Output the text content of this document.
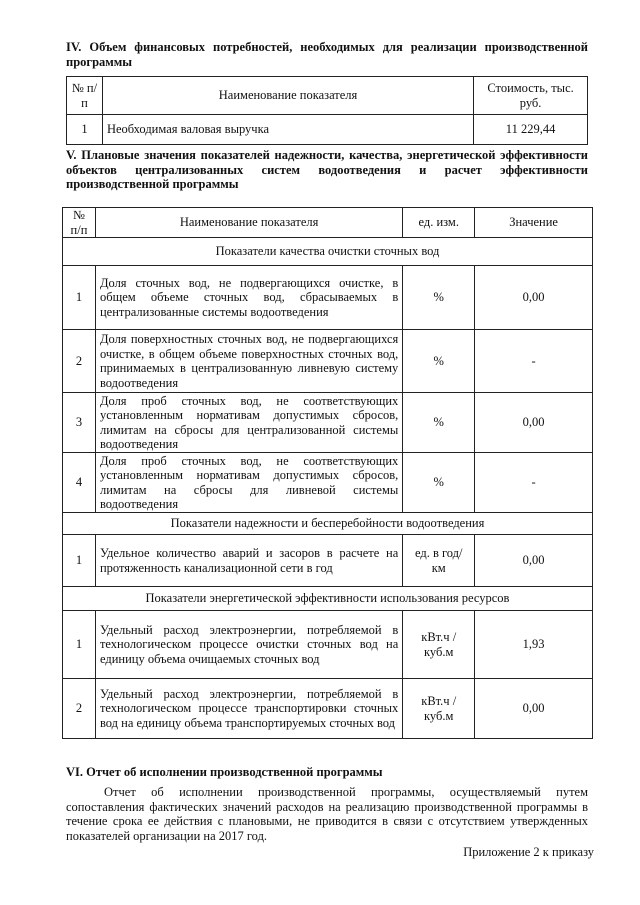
IV. Объем финансовых потребностей, необходимых для реализации производственной программы
№ п/п	Наименование показателя	Стоимость, тыс. руб.
1	Необходимая валовая выручка	11 229,44
V. Плановые значения показателей надежности, качества, энергетической эффективности объектов централизованных систем водоотведения и расчет эффективности производственной программы
№ п/п	Наименование показателя	ед. изм.	Значение
Показатели качества очистки сточных вод			
1	Доля сточных вод, не подвергающихся очистке, в общем объеме сточных вод, сбрасываемых в централизованные системы водоотведения	%	0,00
2	Доля поверхностных сточных вод, не подвергающихся очистке, в общем объеме поверхностных сточных вод, принимаемых в централизованную ливневую систему водоотведения	%	-
3	Доля проб сточных вод, не соответствующих установленным нормативам допустимых сбросов, лимитам на сбросы для централизованной системы водоотведения	%	0,00
4	Доля проб сточных вод, не соответствующих установленным нормативам допустимых сбросов, лимитам на сбросы для ливневой системы водоотведения	%	-
Показатели надежности и бесперебойности водоотведения			
1	Удельное количество аварий и засоров в расчете на протяженность канализационной сети в год	ед. в год/ км	0,00
Показатели энергетической эффективности использования ресурсов			
1	Удельный расход электроэнергии, потребляемой в технологическом процессе очистки сточных вод на единицу объема очищаемых сточных вод	кВт.ч / куб.м	1,93
2	Удельный расход электроэнергии, потребляемой в технологическом процессе транспортировки сточных вод на единицу объема транспортируемых сточных вод	кВт.ч / куб.м	0,00
VI. Отчет об исполнении производственной программы
Отчет об исполнении производственной программы, осуществляемый путем сопоставления фактических значений расходов на реализацию производственной программы в течение срока ее действия с плановыми, не приводится в связи с отсутствием утвержденных показателей организации на 2017 год.
Приложение 2 к приказу
